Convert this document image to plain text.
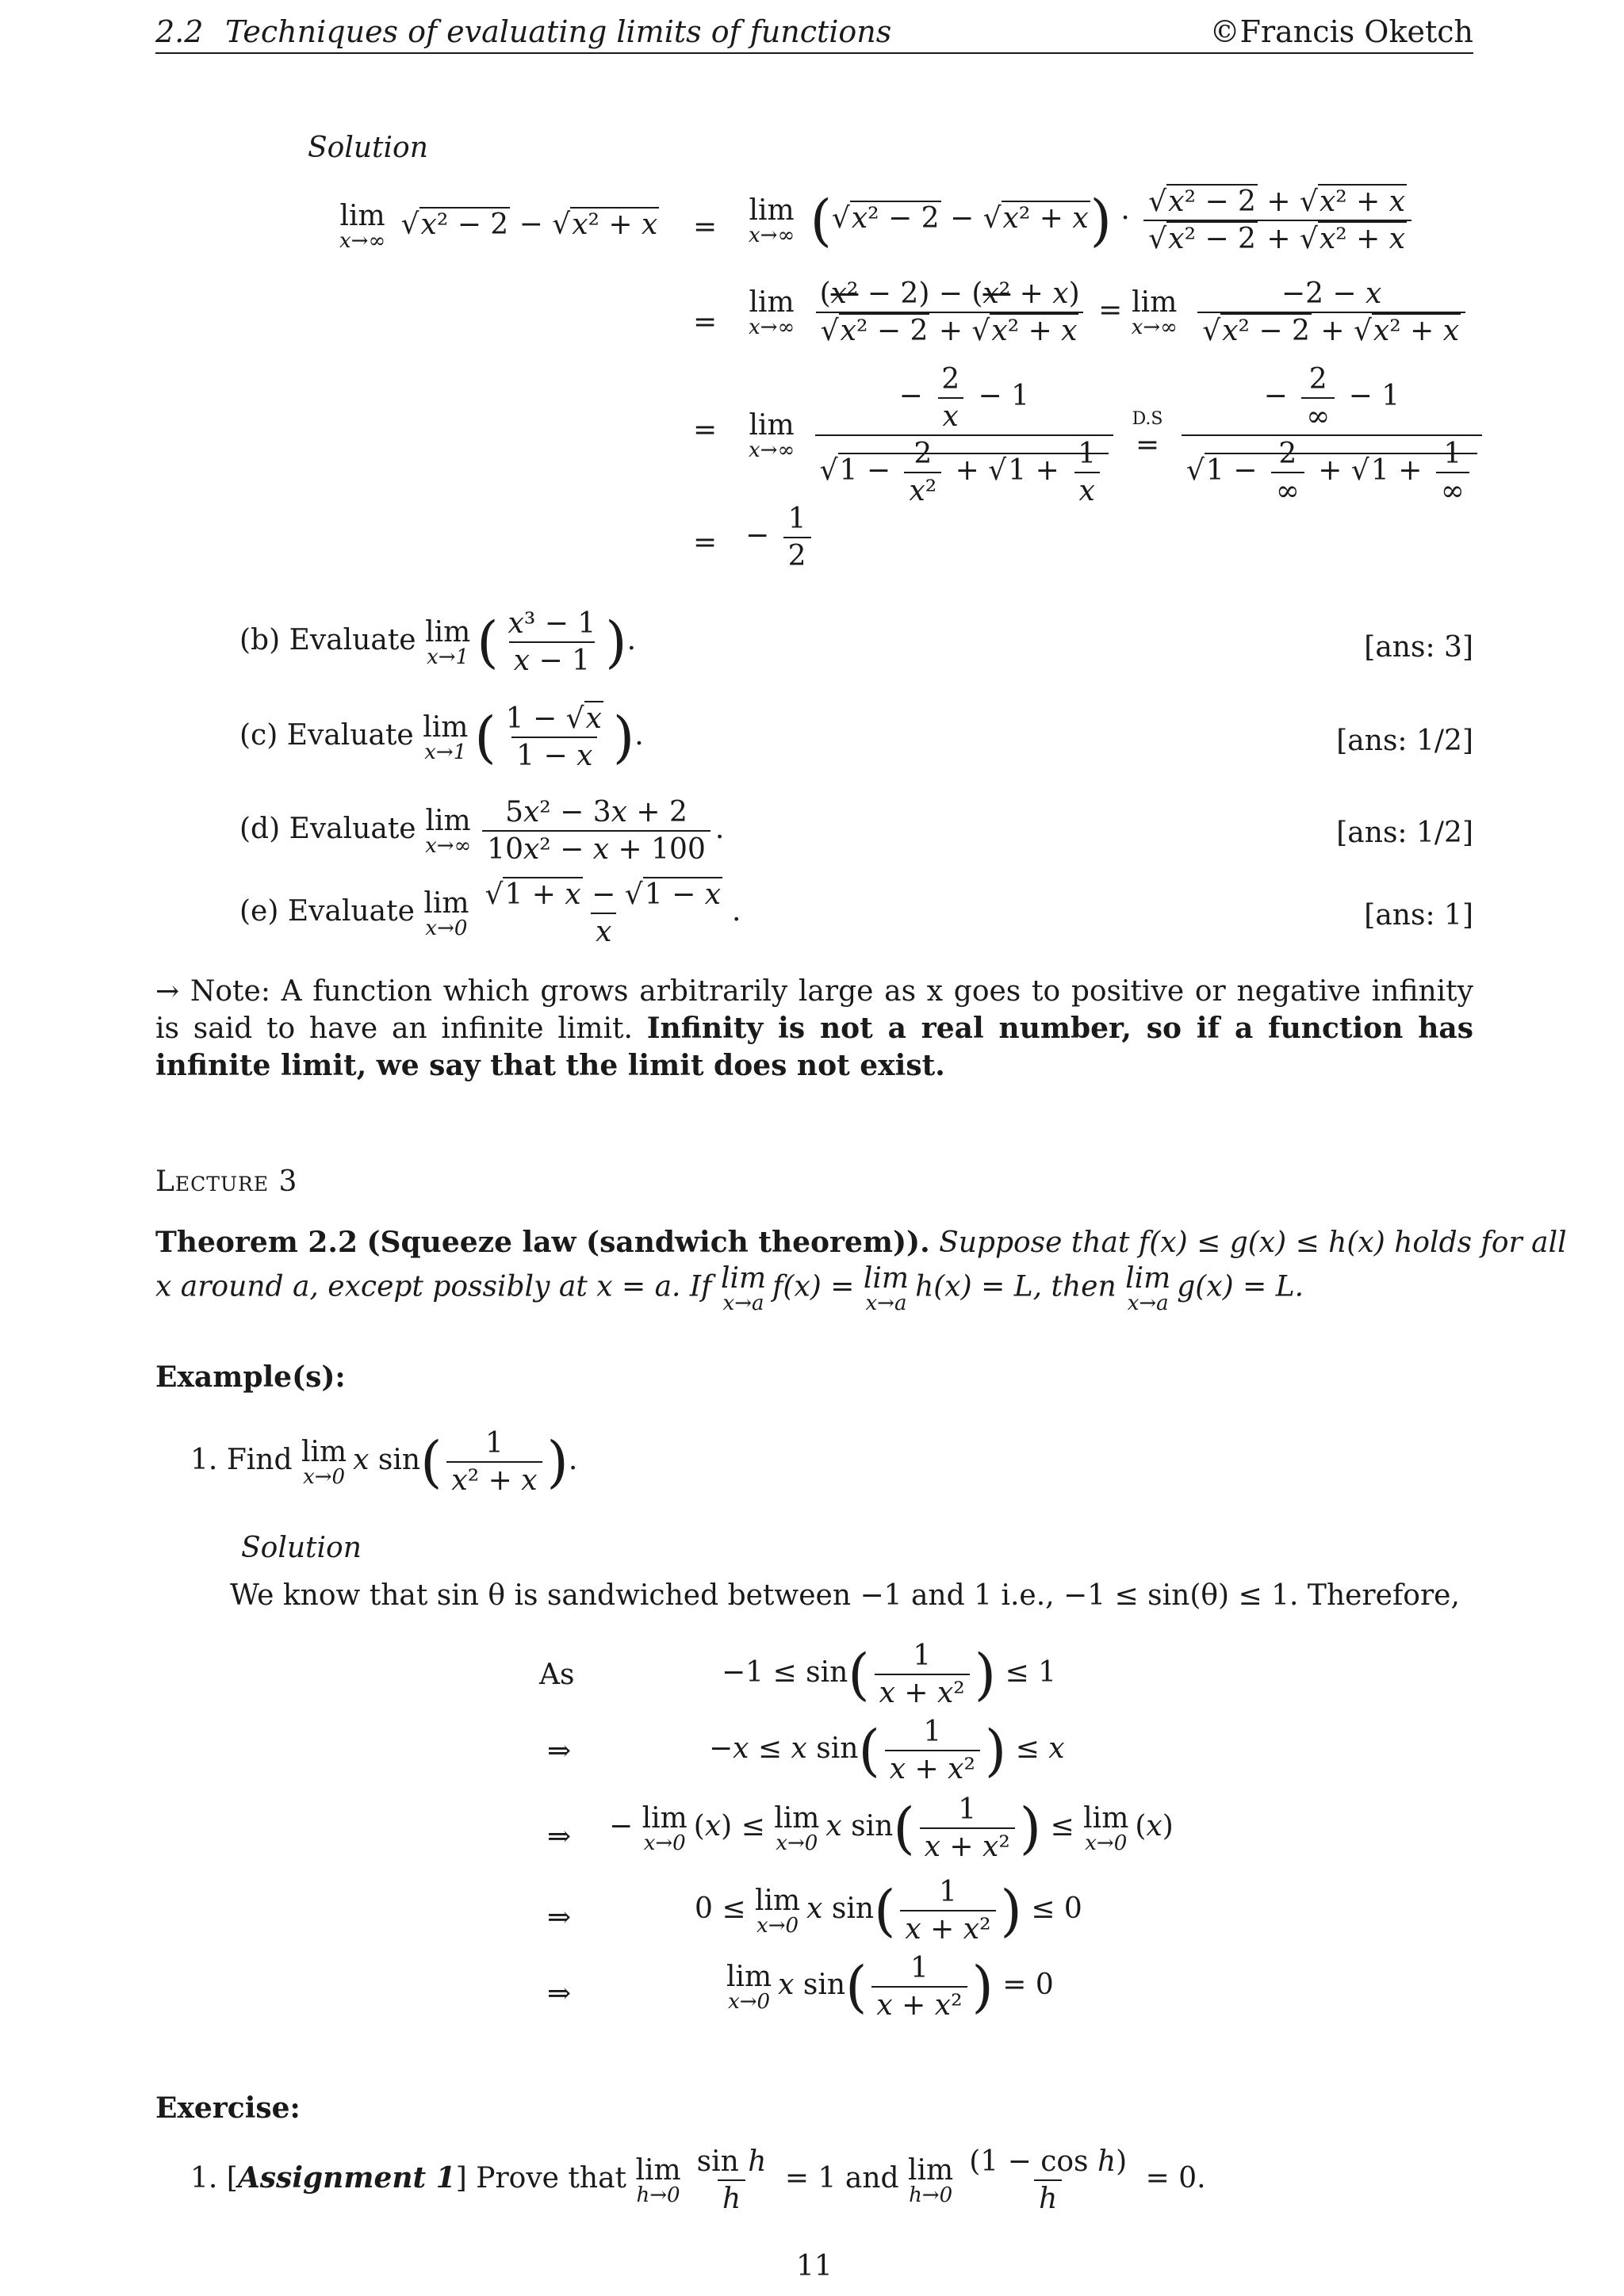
2.2 Techniques of evaluating limits of functions	©Francis Oketch
Solution
lim
x→∞
√x² − 2 − √x² + x =
lim
x→∞ $(√x^2 - 2 - √x^2 + x) \cdot \frac{\text{√x² − 2 + √x² + x}}{\text{√x² − 2 + √x² + x}}$
=
lim
x→∞
$\frac{\text{(x² − 2) − (x² + x)}}{\text{√x² − 2 + √x² + x}} = \lim$
x→∞
$\frac{-2 - x}{\text{√x² − 2 + √x² + x}}$
= lim
x→∞
$\frac{- \frac{2}{x} - 1}{√1 - \frac{2}{\text{x²}} + √1 + \frac{1}{x}}$
D.S
=
$\frac{- \frac{2}{\infty} - 1}{√1 - \frac{2}{\infty} + √1 + \frac{1}{\infty}}$
= − $\frac{1}{2}$
(b) Evaluate lim
x→1 ( $\frac{\text{x³ − 1}}{x - 1}$ ).	[ans: 3]
(c) Evaluate lim
x→1 ( $\frac{1 - √x}{1 - x}$ ).	[ans: 1/2]
(d) Evaluate lim
$x\to\infty \frac{\text{5x² − 3x + 2}}{\text{10x² − x + 100}}$ .	[ans: 1/2]
(e) Evaluate lim
$x\to 0 \frac{√1 + x - √1 - x}{x}$ .	[ans: 1]
→ Note: A function which grows arbitrarily large as x goes to positive or negative infinity is said to have an infinite limit. Infinity is not a real number, so if a function has infinite limit, we say that the limit does not exist.
Lecture 3
Theorem 2.2 (Squeeze law (sandwich theorem)). Suppose that f(x) ≤ g(x) ≤ h(x) holds for all
x around a, except possibly at x = a. If lim
x→a
f(x) = lim
x→a
h(x) = L, then lim
x→a
g(x) = L.
Example(s):
1. Find lim
x→0
x $\sin( \frac{1}{\text{x² + x}}$ ).
Solution
We know that sin θ is sandwiched between −1 and 1 i.e., −1 ≤ sin(θ) ≤ 1. Therefore,
As	$-1 \le \sin( \frac{1}{\text{x + x²}}$ ) ≤ 1
⇒	−x ≤ x $\sin( \frac{1}{\text{x + x²}}$ ) ≤ x
⇒ − lim
x→0
(x) ≤ lim
x→0
x $\sin( \frac{1}{\text{x + x²}}$ ) ≤ lim
x→0
(x)
⇒	0 ≤ lim
x→0
x $\sin( \frac{1}{\text{x + x²}}$ ) ≤ 0
⇒
lim
x→0
x $\sin( \frac{1}{\text{x + x²}}$ ) = 0
Exercise:
1. [Assignment 1] Prove that lim
$h\to 0 \frac{\text{sin h}}{h} = 1$ and lim
$h\to 0 \frac{\text{(1 − cos h)}}{h} = 0$.
11
